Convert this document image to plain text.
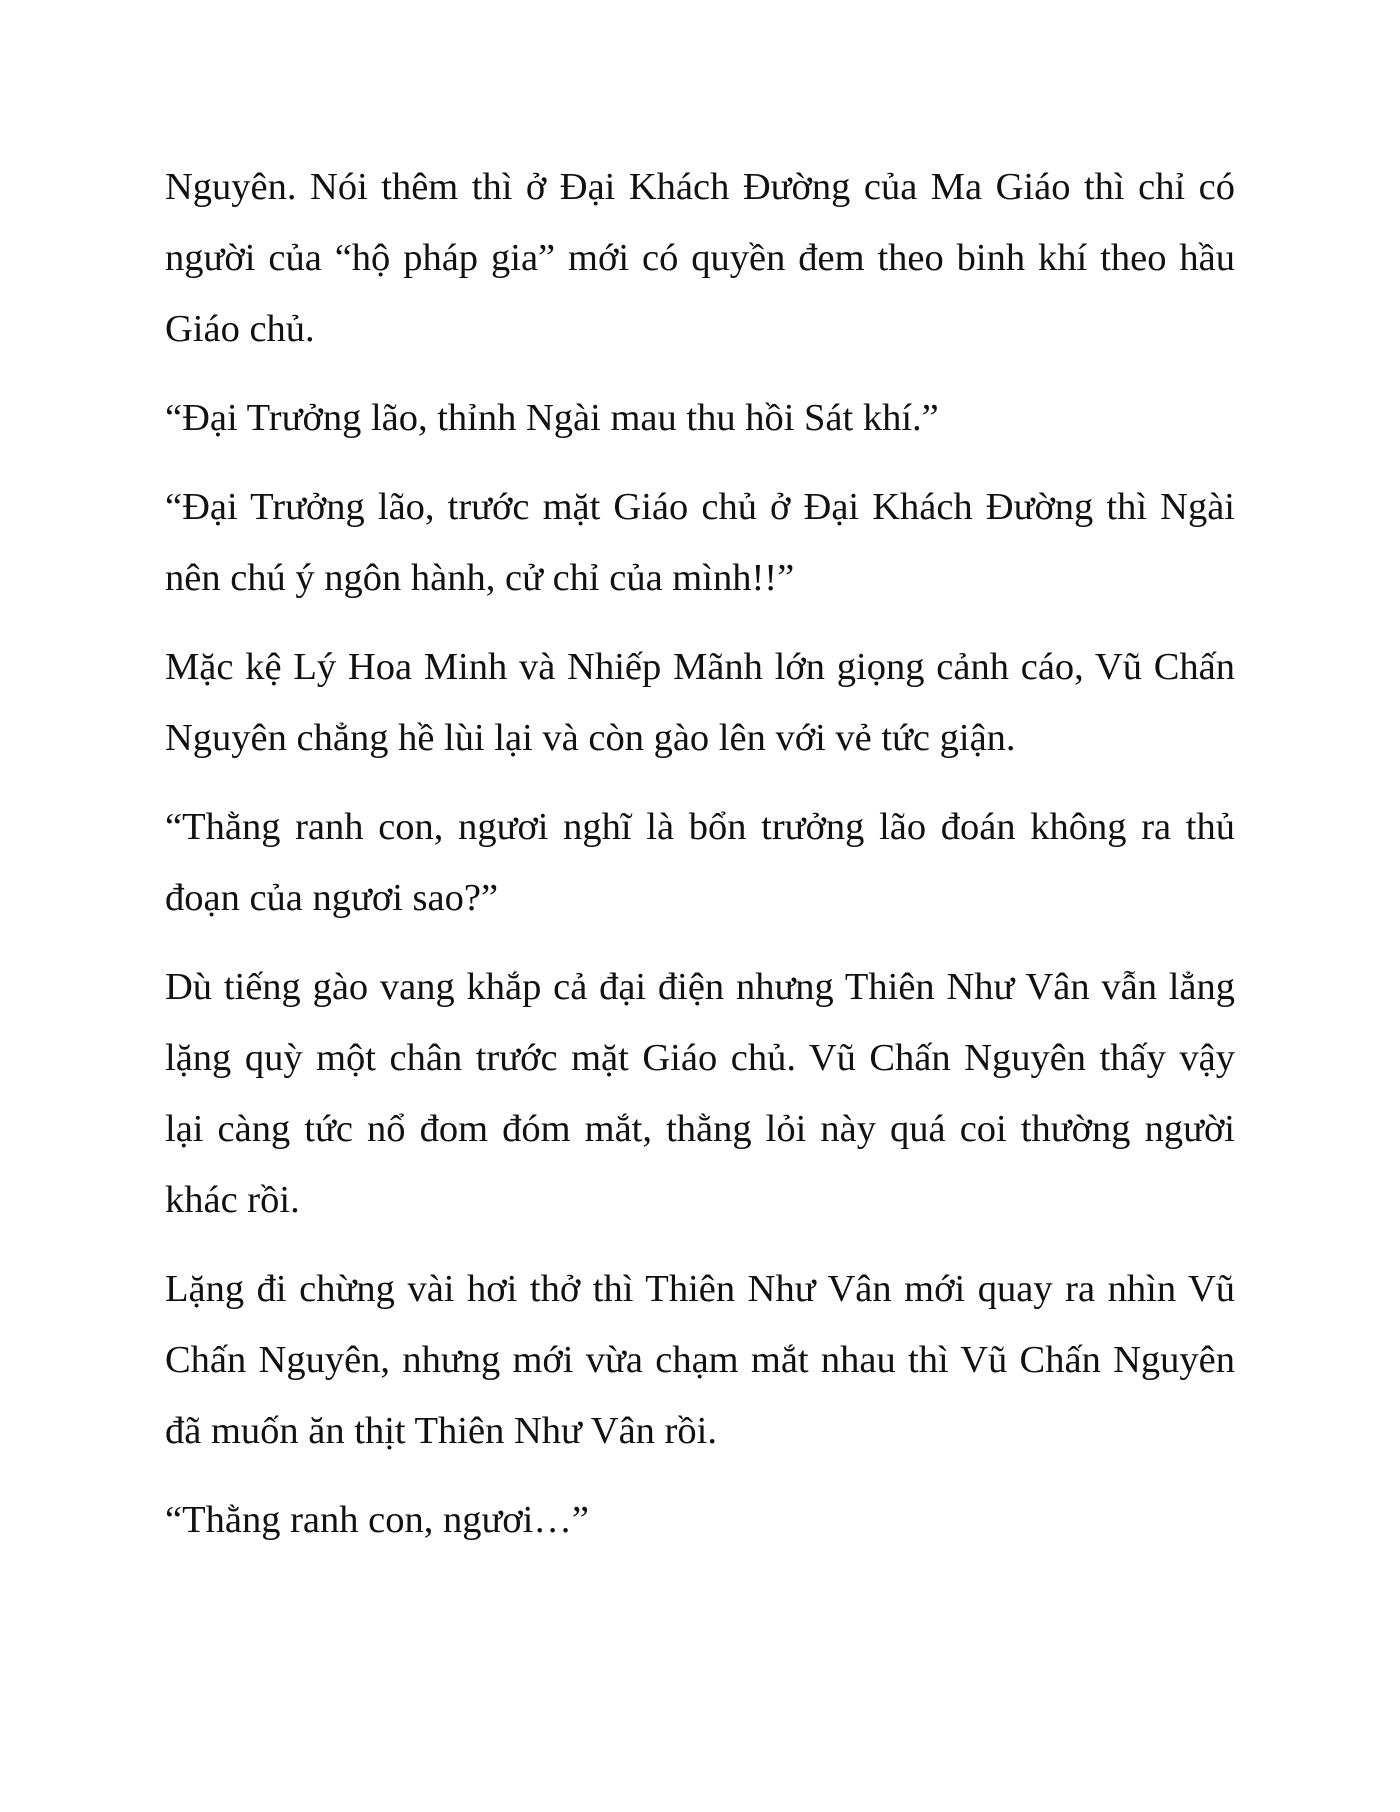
Nguyên. Nói thêm thì ở Đại Khách Đường của Ma Giáo thì chỉ có người của “hộ pháp gia” mới có quyền đem theo binh khí theo hầu Giáo chủ.

“Đại Trưởng lão, thỉnh Ngài mau thu hồi Sát khí.”

“Đại Trưởng lão, trước mặt Giáo chủ ở Đại Khách Đường thì Ngài nên chú ý ngôn hành, cử chỉ của mình!!”

Mặc kệ Lý Hoa Minh và Nhiếp Mãnh lớn giọng cảnh cáo, Vũ Chấn Nguyên chẳng hề lùi lại và còn gào lên với vẻ tức giận.

“Thằng ranh con, ngươi nghĩ là bổn trưởng lão đoán không ra thủ đoạn của ngươi sao?”

Dù tiếng gào vang khắp cả đại điện nhưng Thiên Như Vân vẫn lẳng lặng quỳ một chân trước mặt Giáo chủ. Vũ Chấn Nguyên thấy vậy lại càng tức nổ đom đóm mắt, thằng lỏi này quá coi thường người khác rồi.

Lặng đi chừng vài hơi thở thì Thiên Như Vân mới quay ra nhìn Vũ Chấn Nguyên, nhưng mới vừa chạm mắt nhau thì Vũ Chấn Nguyên đã muốn ăn thịt Thiên Như Vân rồi.

“Thằng ranh con, ngươi…”
